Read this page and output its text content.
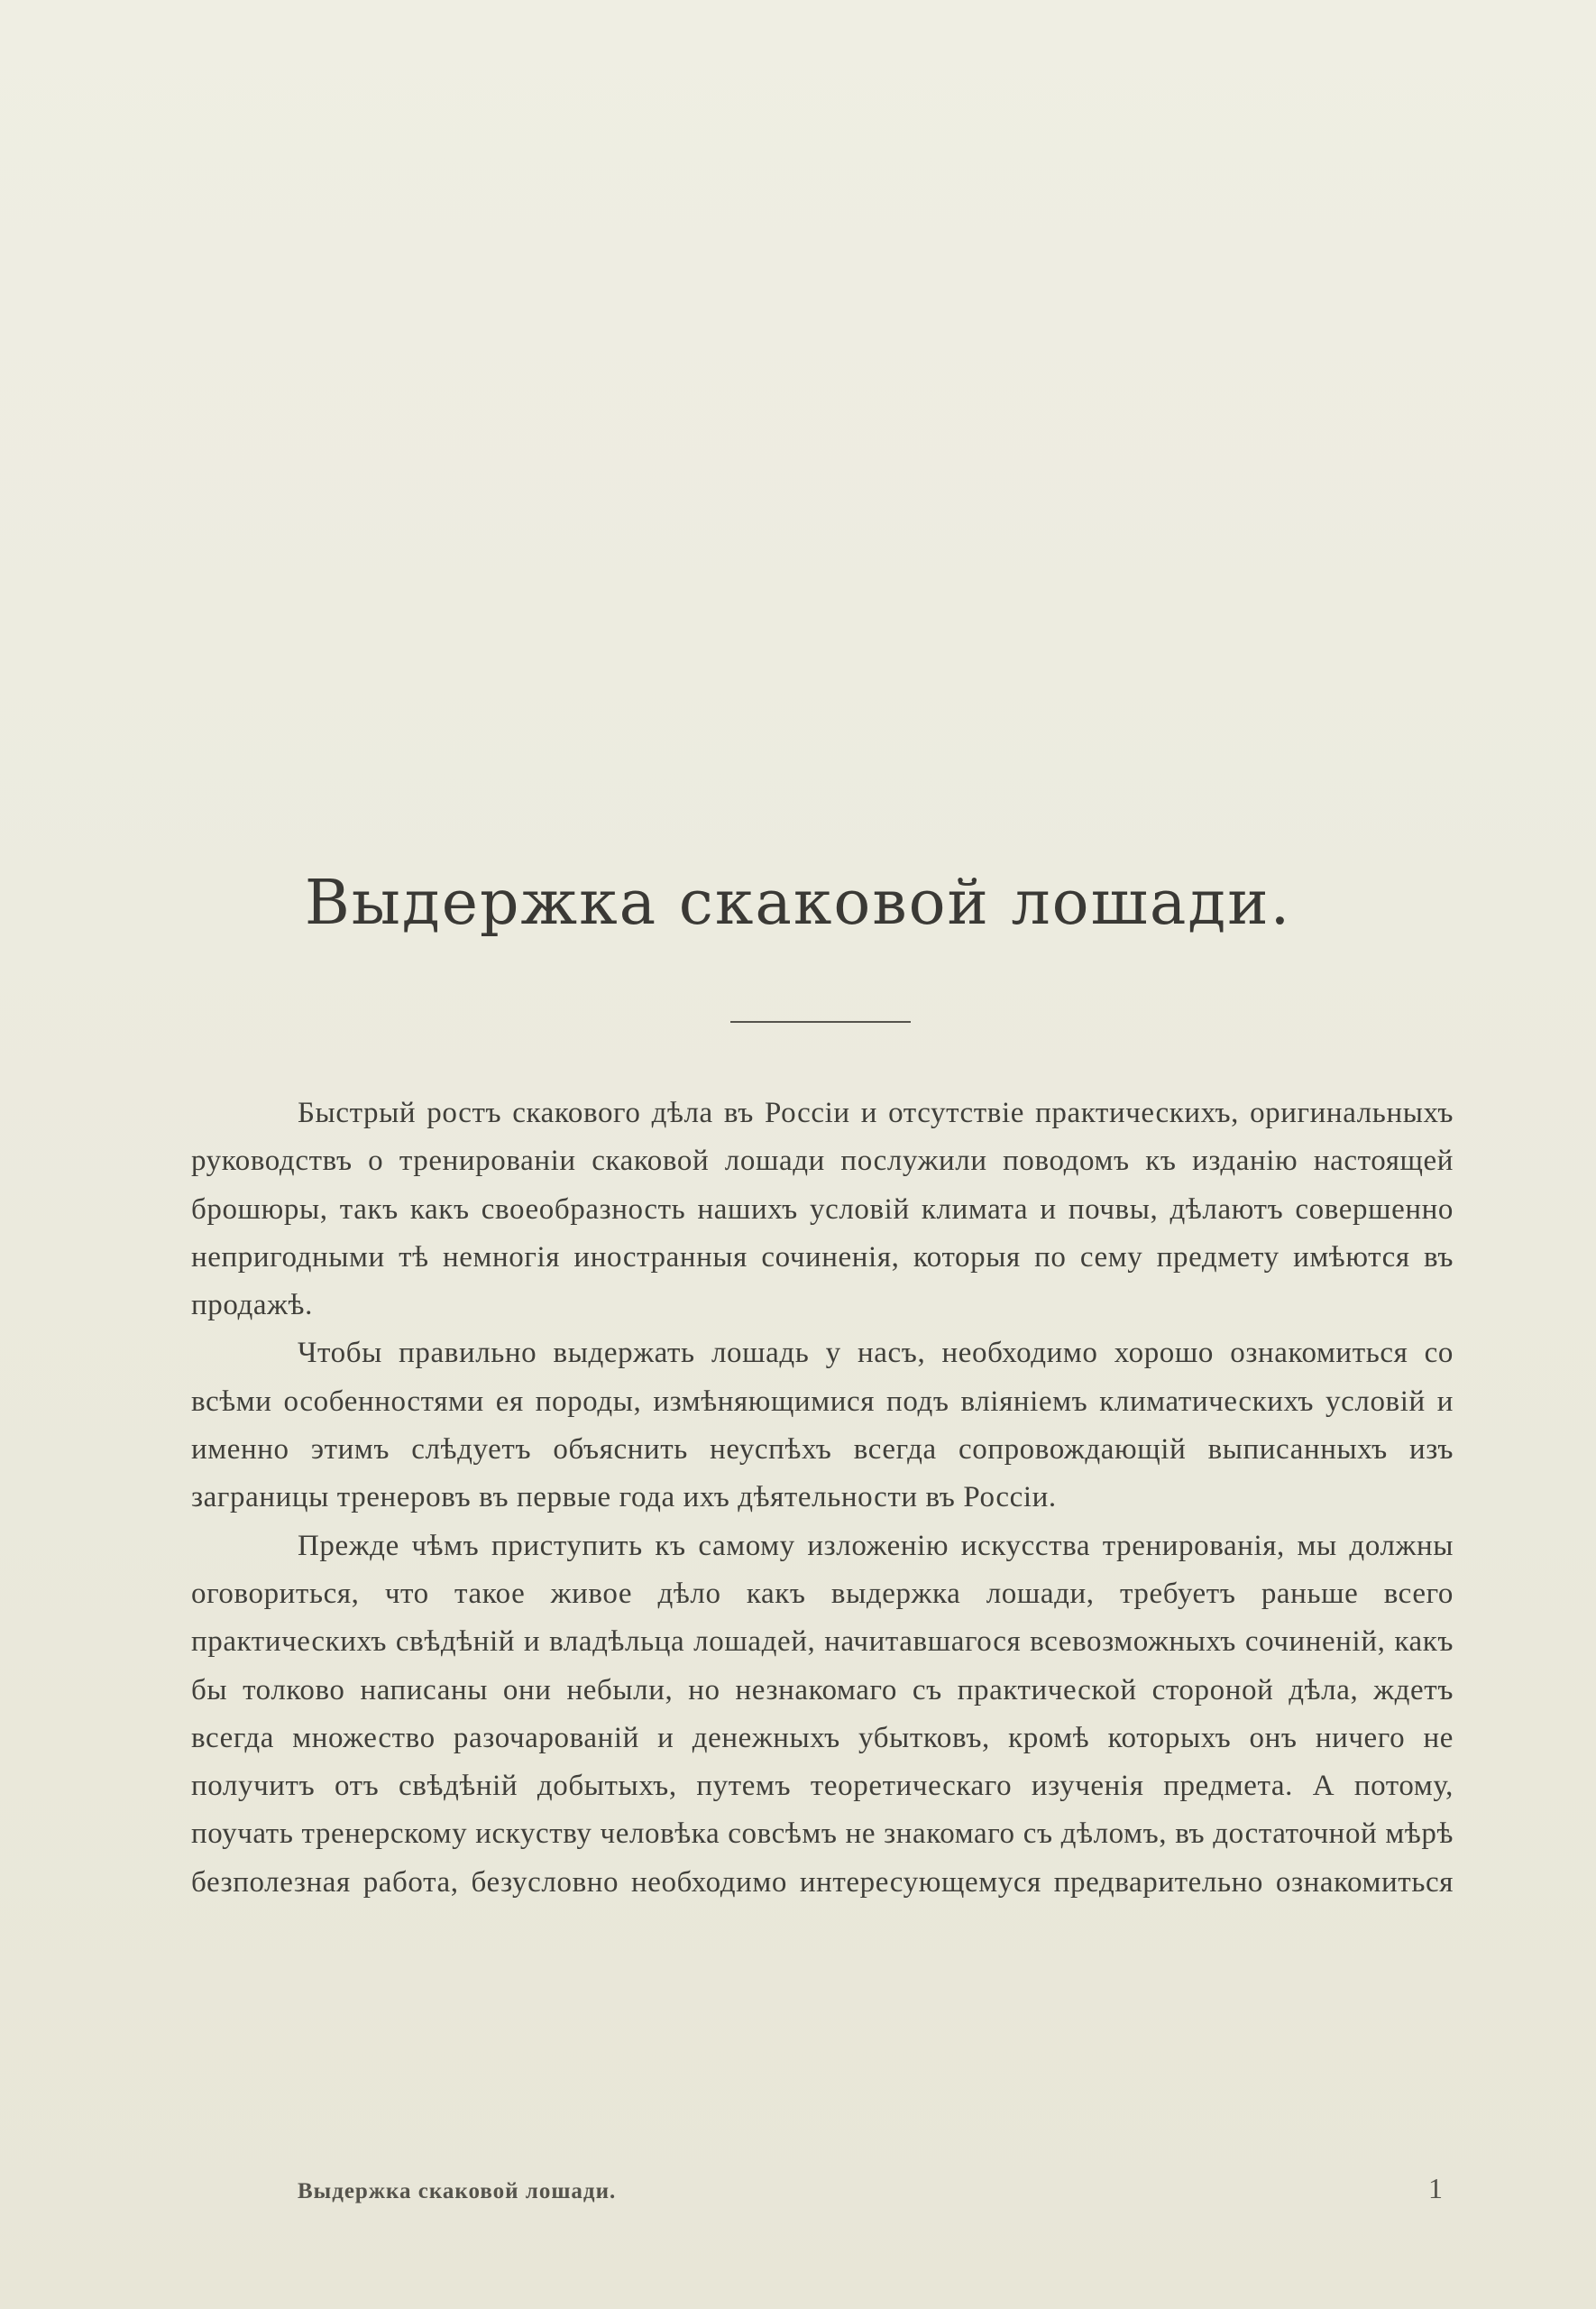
Выдержка скаковой лошади.

Быстрый ростъ скакового дѣла въ Россіи и отсутствіе практическихъ, оригинальныхъ руководствъ о тренированіи скаковой лошади послужили поводомъ къ изданію настоящей брошюры, такъ какъ своеобразность нашихъ условій климата и почвы, дѣлаютъ совершенно непригодными тѣ немногія иностранныя сочиненія, которыя по сему предмету имѣются въ продажѣ.

Чтобы правильно выдержать лошадь у насъ, необходимо хорошо ознакомиться со всѣми особенностями ея породы, измѣняющимися подъ вліяніемъ климатическихъ условій и именно этимъ слѣдуетъ объяснить неуспѣхъ всегда сопровождающій выписанныхъ изъ заграницы тренеровъ въ первые года ихъ дѣятельности въ Россіи.

Прежде чѣмъ приступить къ самому изложенію искусства тренированія, мы должны оговориться, что такое живое дѣло какъ выдержка лошади, требуетъ раньше всего практическихъ свѣдѣній и владѣльца лошадей, начитавшагося всевозможныхъ сочиненій, какъ бы толково написаны они небыли, но незнакомаго съ практической стороной дѣла, ждетъ всегда множество разочарованій и денежныхъ убытковъ, кромѣ которыхъ онъ ничего не получитъ отъ свѣдѣній добытыхъ, путемъ теоретическаго изученія предмета. А потому, поучать тренерскому искуству человѣка совсѣмъ не знакомаго съ дѣломъ, въ достаточной мѣрѣ безполезная работа, безусловно необходимо интересующемуся предварительно ознакомиться

Выдержка скаковой лошади.	1
